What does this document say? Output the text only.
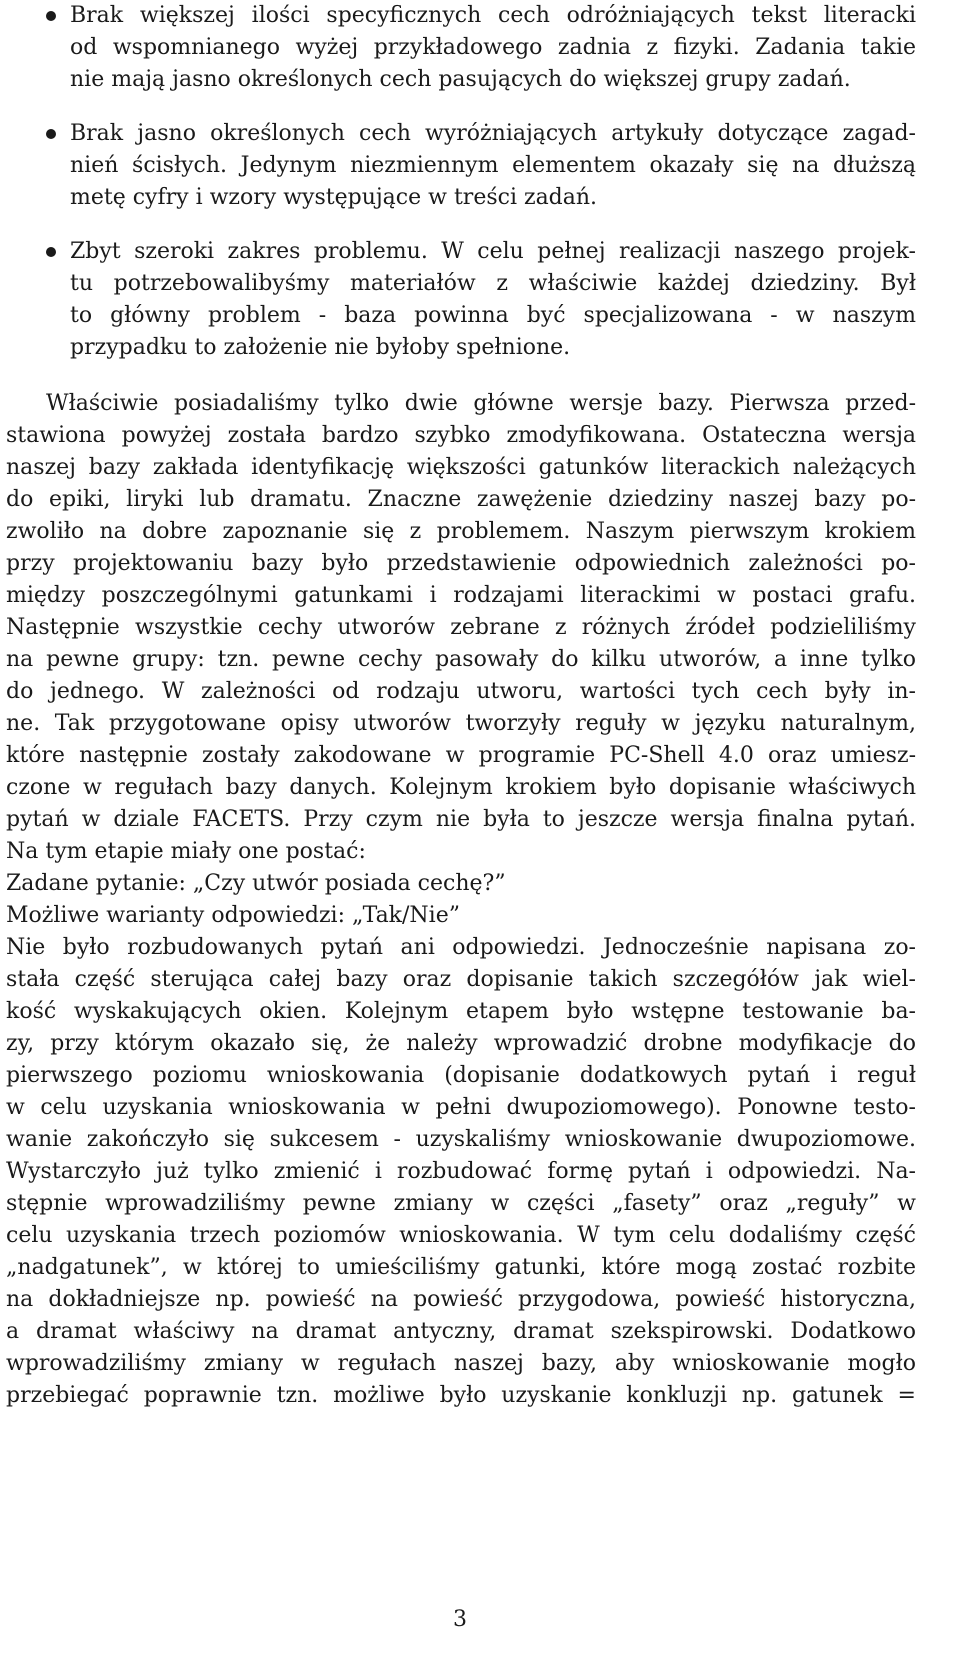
Brak większej ilości specyficznych cech odróżniających tekst literacki
od wspomnianego wyżej przykładowego zadnia z fizyki. Zadania takie
nie mają jasno określonych cech pasujących do większej grupy zadań.
Brak jasno określonych cech wyróżniających artykuły dotyczące zagad-
nień ścisłych. Jedynym niezmiennym elementem okazały się na dłuższą
metę cyfry i wzory występujące w treści zadań.
Zbyt szeroki zakres problemu. W celu pełnej realizacji naszego projek-
tu potrzebowalibyśmy materiałów z właściwie każdej dziedziny. Był
to główny problem - baza powinna być specjalizowana - w naszym
przypadku to założenie nie byłoby spełnione.
Właściwie posiadaliśmy tylko dwie główne wersje bazy. Pierwsza przed-
stawiona powyżej została bardzo szybko zmodyfikowana. Ostateczna wersja
naszej bazy zakłada identyfikację większości gatunków literackich należących
do epiki, liryki lub dramatu. Znaczne zawężenie dziedziny naszej bazy po-
zwoliło na dobre zapoznanie się z problemem. Naszym pierwszym krokiem
przy projektowaniu bazy było przedstawienie odpowiednich zależności po-
między poszczególnymi gatunkami i rodzajami literackimi w postaci grafu.
Następnie wszystkie cechy utworów zebrane z różnych źródeł podzieliliśmy
na pewne grupy: tzn. pewne cechy pasowały do kilku utworów, a inne tylko
do jednego. W zależności od rodzaju utworu, wartości tych cech były in-
ne. Tak przygotowane opisy utworów tworzyły reguły w języku naturalnym,
które następnie zostały zakodowane w programie PC-Shell 4.0 oraz umiesz-
czone w regułach bazy danych. Kolejnym krokiem było dopisanie właściwych
pytań w dziale FACETS. Przy czym nie była to jeszcze wersja finalna pytań.
Na tym etapie miały one postać:
Zadane pytanie: „Czy utwór posiada cechę?”
Możliwe warianty odpowiedzi: „Tak/Nie”
Nie było rozbudowanych pytań ani odpowiedzi. Jednocześnie napisana zo-
stała część sterująca całej bazy oraz dopisanie takich szczegółów jak wiel-
kość wyskakujących okien. Kolejnym etapem było wstępne testowanie ba-
zy, przy którym okazało się, że należy wprowadzić drobne modyfikacje do
pierwszego poziomu wnioskowania (dopisanie dodatkowych pytań i reguł
w celu uzyskania wnioskowania w pełni dwupoziomowego). Ponowne testo-
wanie zakończyło się sukcesem - uzyskaliśmy wnioskowanie dwupoziomowe.
Wystarczyło już tylko zmienić i rozbudować formę pytań i odpowiedzi. Na-
stępnie wprowadziliśmy pewne zmiany w części „fasety” oraz „reguły” w
celu uzyskania trzech poziomów wnioskowania. W tym celu dodaliśmy część
„nadgatunek”, w której to umieściliśmy gatunki, które mogą zostać rozbite
na dokładniejsze np. powieść na powieść przygodowa, powieść historyczna,
a dramat właściwy na dramat antyczny, dramat szekspirowski. Dodatkowo
wprowadziliśmy zmiany w regułach naszej bazy, aby wnioskowanie mogło
przebiegać poprawnie tzn. możliwe było uzyskanie konkluzji np. gatunek =
3
